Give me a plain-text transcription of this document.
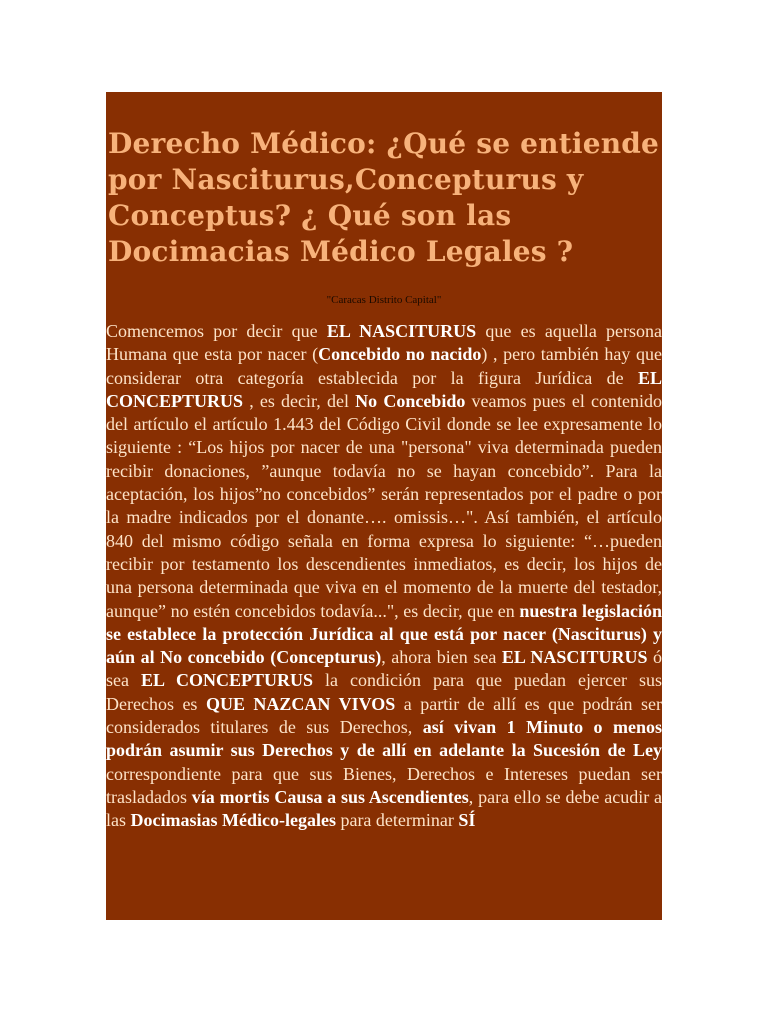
Derecho Médico: ¿Qué se entiende por Nasciturus,Concepturus y Conceptus? ¿ Qué son las Docimacias Médico Legales ?
"Caracas Distrito Capital"

Comencemos por decir que EL NASCITURUS que es aquella persona Humana que esta por nacer (Concebido no nacido) , pero también hay que considerar otra categoría establecida por la figura Jurídica de EL CONCEPTURUS , es decir, del No Concebido veamos pues el contenido del artículo el artículo 1.443 del Código Civil donde se lee expresamente lo siguiente : “Los hijos por nacer de una "persona" viva determinada pueden recibir donaciones, ”aunque todavía no se hayan concebido”. Para la aceptación, los hijos”no concebidos” serán representados por el padre o por la madre indicados por el donante…. omissis…". Así también, el artículo 840 del mismo código señala en forma expresa lo siguiente: “…pueden recibir por testamento los descendientes inmediatos, es decir, los hijos de una persona determinada que viva en el momento de la muerte del testador, aunque” no estén concebidos todavía...", es decir, que en nuestra legislación se establece la protección Jurídica al que está por nacer (Nasciturus) y aún al No concebido (Concepturus), ahora bien sea EL NASCITURUS ó sea EL CONCEPTURUS la condición para que puedan ejercer sus Derechos es QUE NAZCAN VIVOS a partir de allí es que podrán ser considerados titulares de sus Derechos, así vivan 1 Minuto o menos podrán asumir sus Derechos y de allí en adelante la Sucesión de Ley correspondiente para que sus Bienes, Derechos e Intereses puedan ser trasladados vía mortis Causa a sus Ascendientes, para ello se debe acudir a las Docimasias Médico-legales para determinar SÍ
